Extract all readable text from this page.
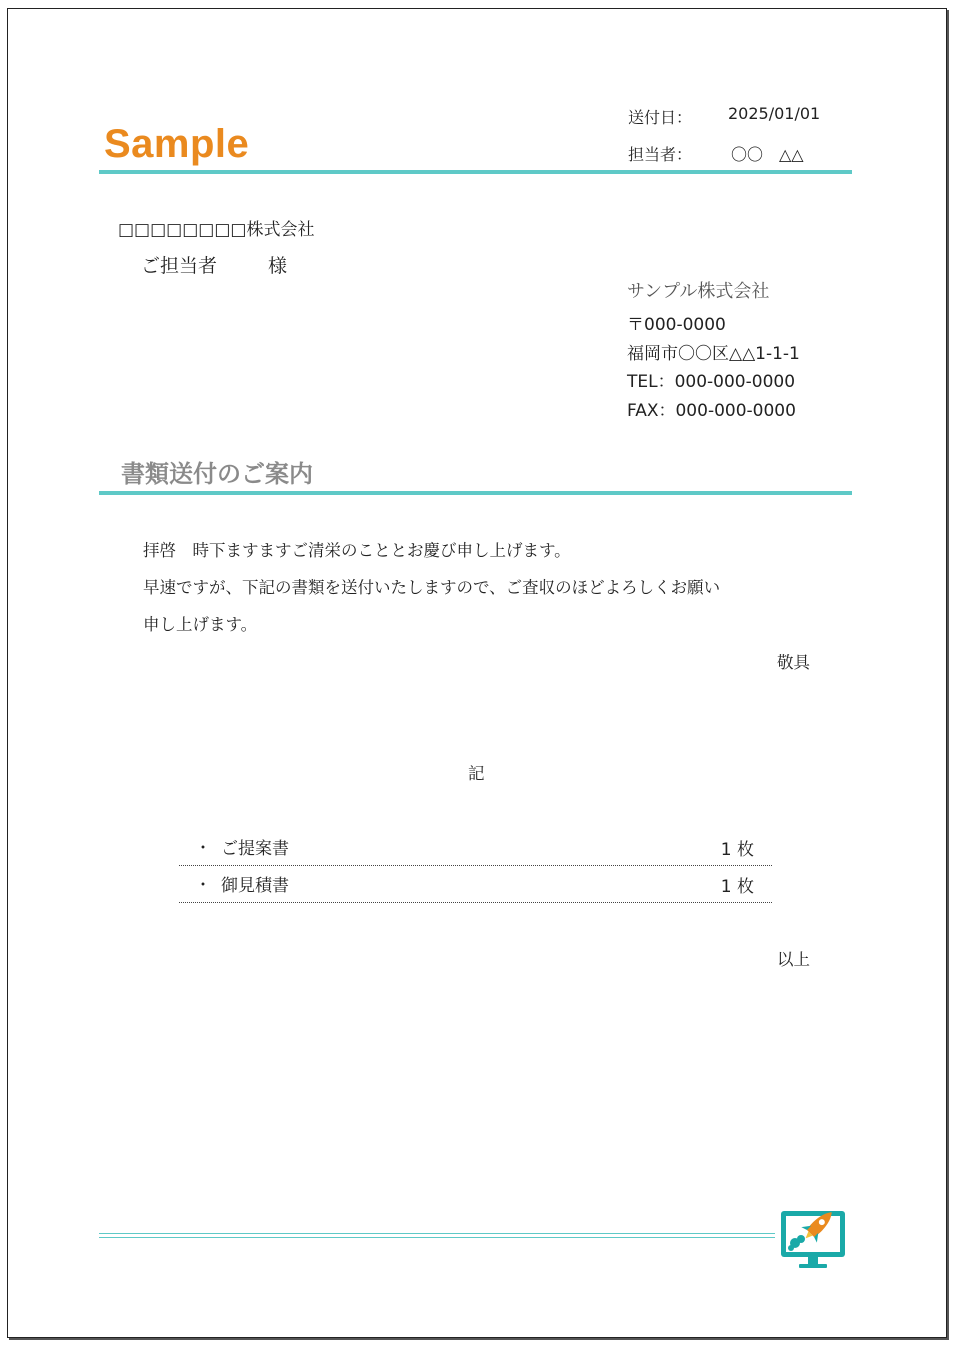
Sample
送付日： 2025/01/01
担当者： 〇〇　△△
□□□□□□□□株式会社
ご担当者	様
サンプル株式会社
〒000-0000
福岡市〇〇区△△1-1-1
TEL：000-000-0000
FAX：000-000-0000
書類送付のご案内
拝啓　時下ますますご清栄のこととお慶び申し上げます。
早速ですが、下記の書類を送付いたしますので、ご査収のほどよろしくお願い
申し上げます。
敬具
記
・ ご提案書	1 枚
・ 御見積書	1 枚
以上
